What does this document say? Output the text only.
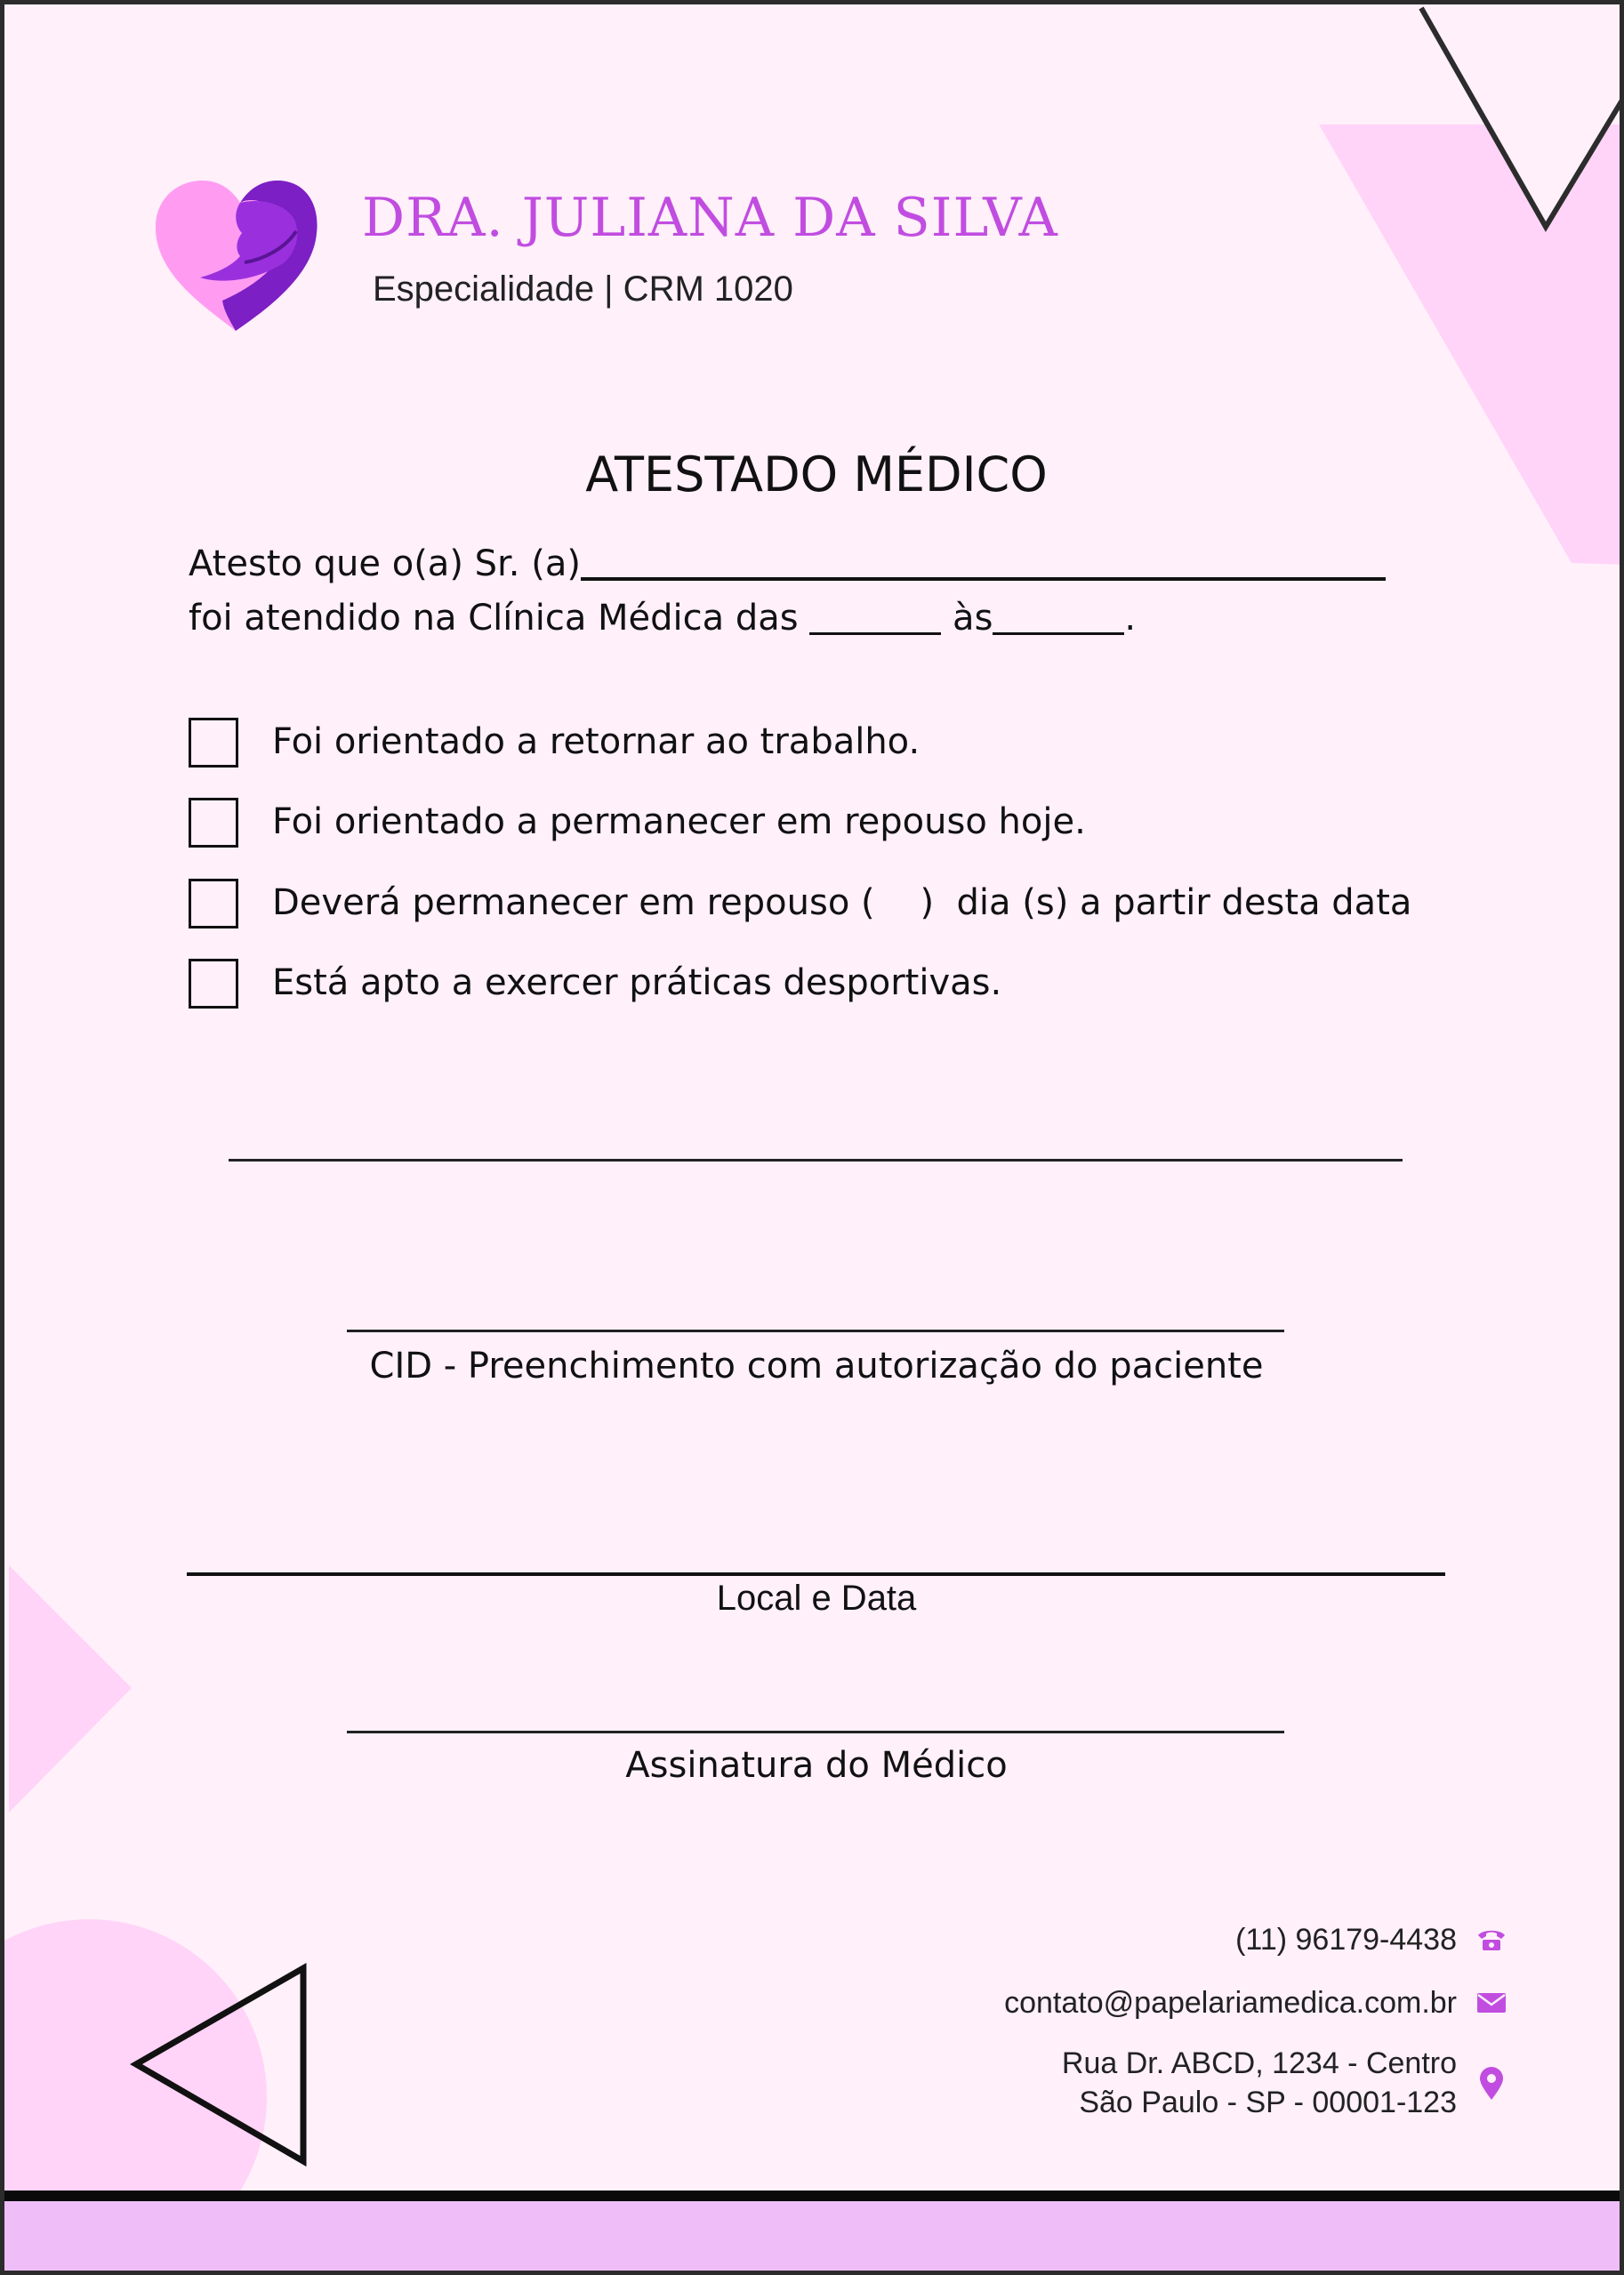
DRA. JULIANA DA SILVA
Especialidade | CRM 1020
ATESTADO MÉDICO
Atesto que o(a) Sr. (a)
foi atendido na Clínica Médica das	às	.
Foi orientado a retornar ao trabalho.
Foi orientado a permanecer em repouso hoje.
Deverá permanecer em repouso (    )  dia (s) a partir desta data
Está apto a exercer práticas desportivas.
CID - Preenchimento com autorização do paciente
Local e Data
Assinatura do Médico
(11) 96179-4438
contato@papelariamedica.com.br
Rua Dr. ABCD, 1234 - Centro
São Paulo - SP - 00001-123
